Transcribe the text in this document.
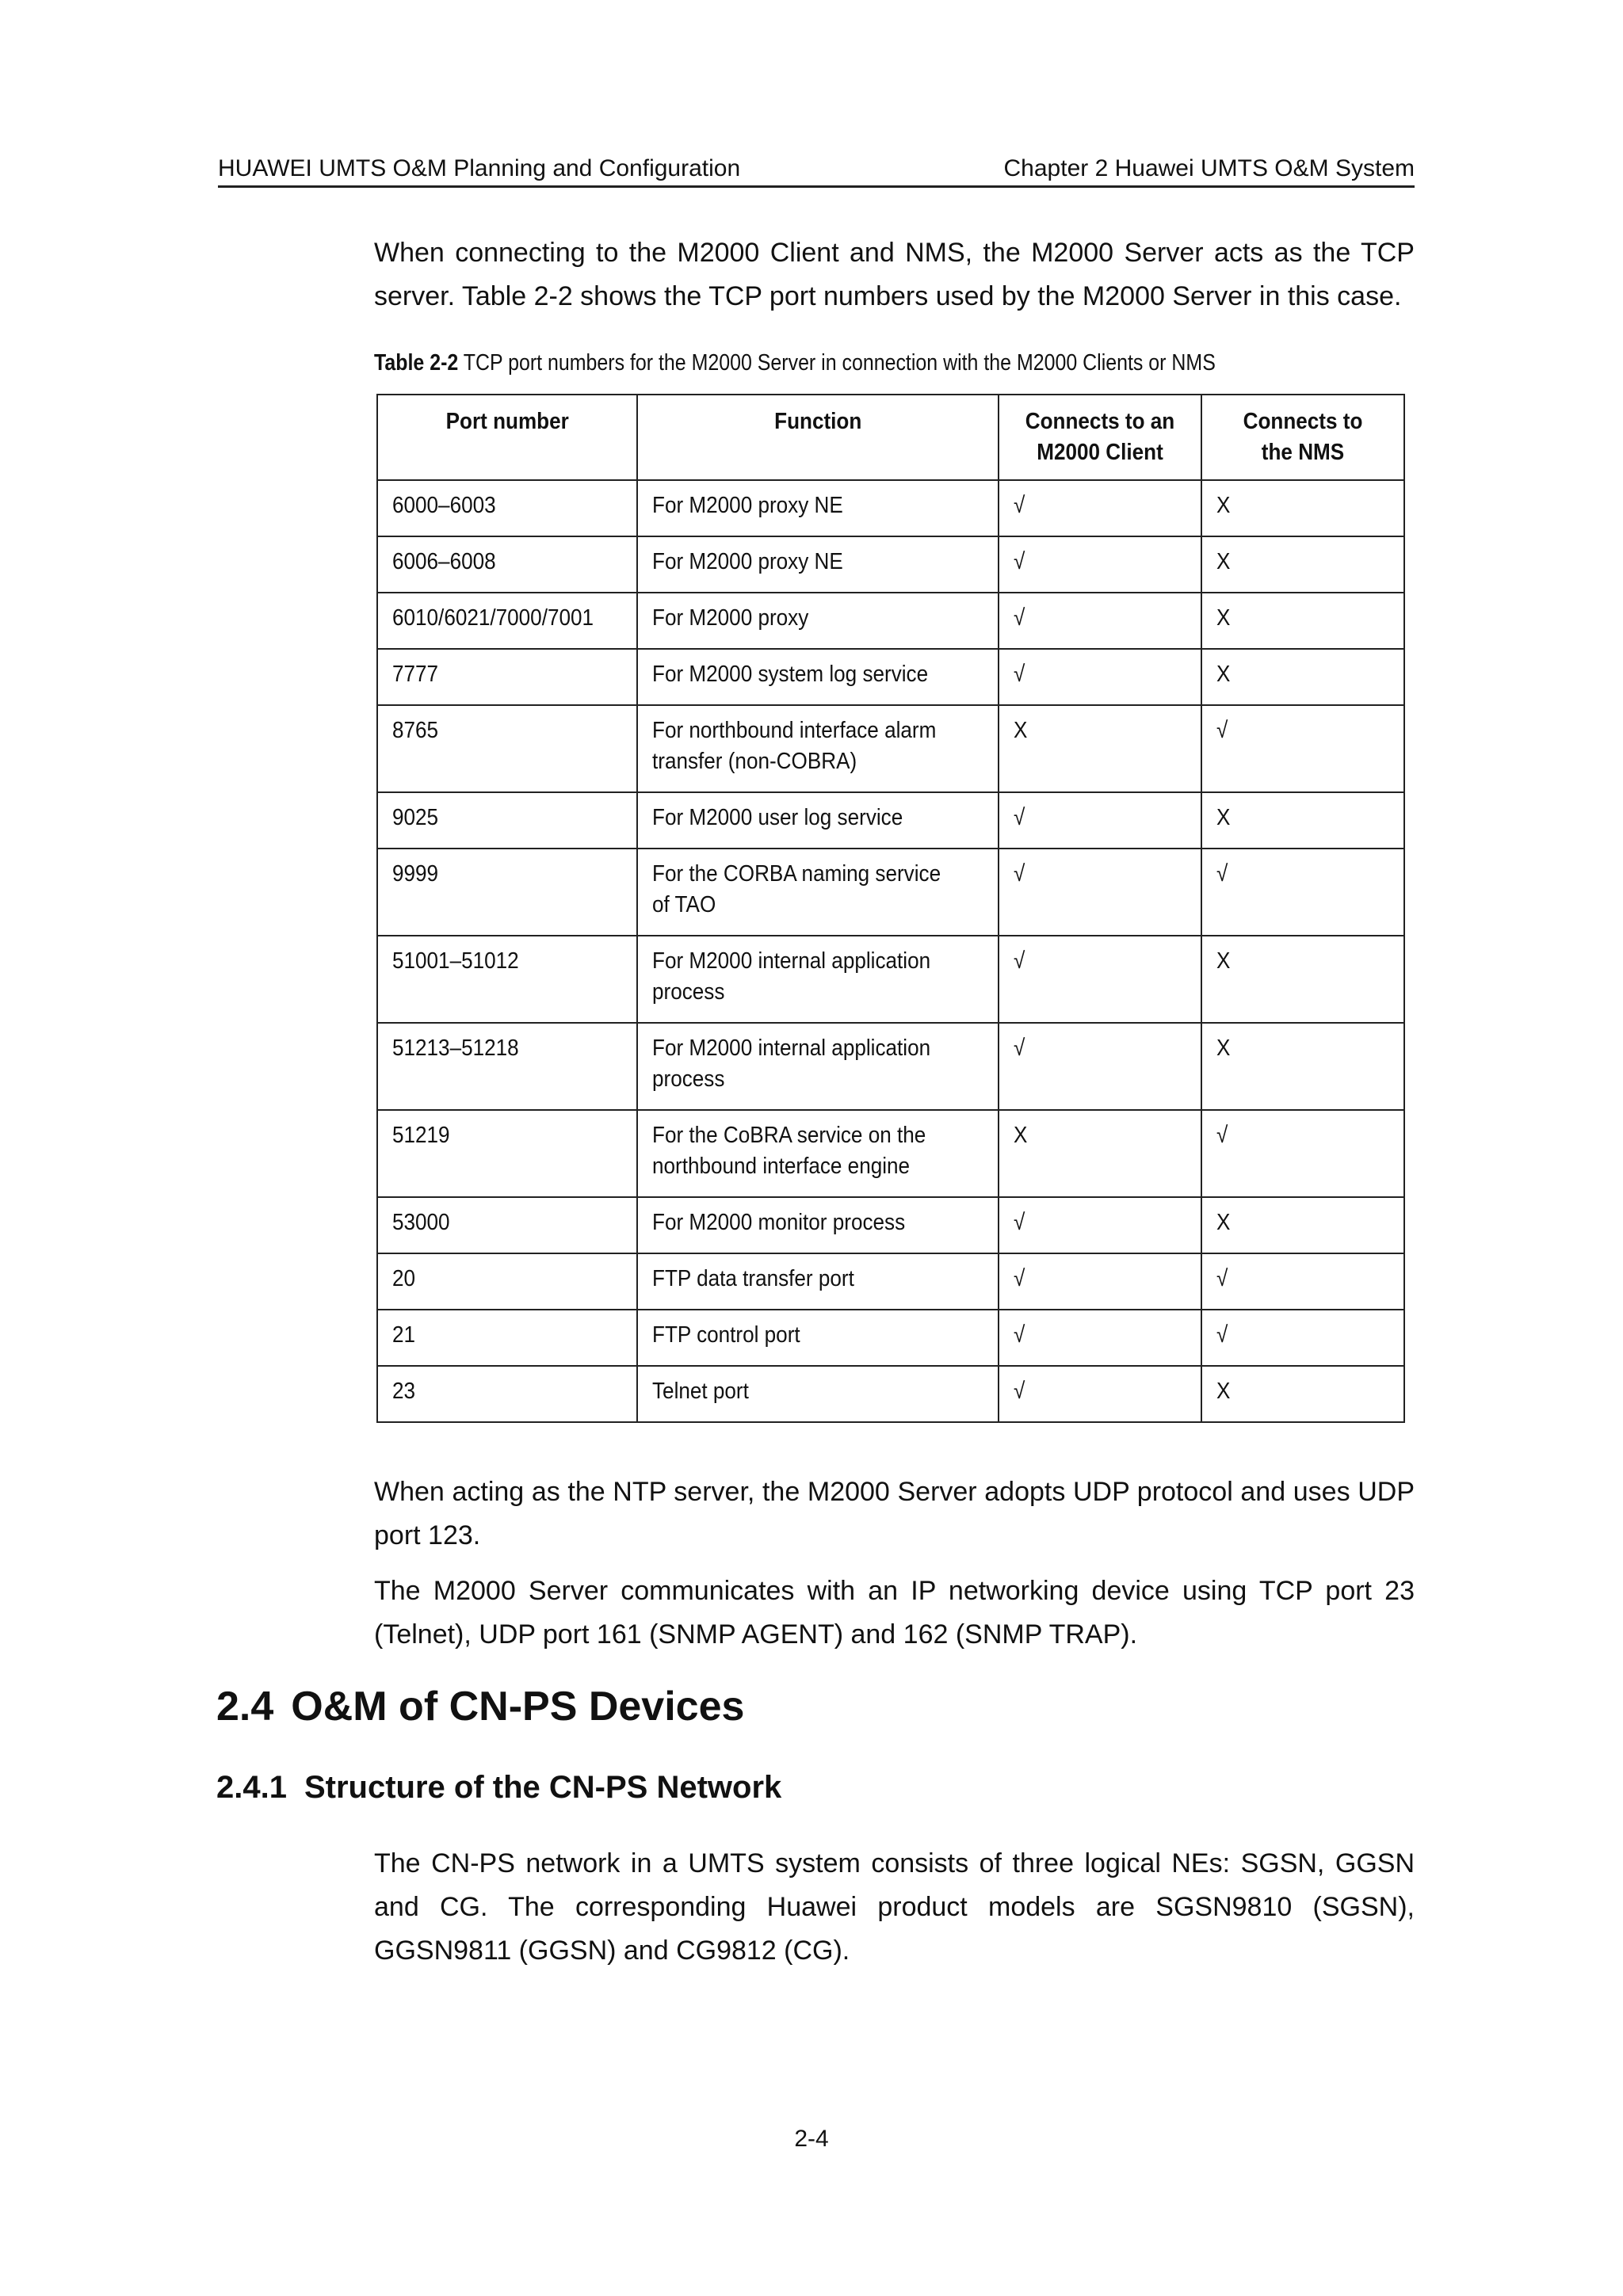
HUAWEI UMTS O&M Planning and Configuration	Chapter 2 Huawei UMTS O&M System

When connecting to the M2000 Client and NMS, the M2000 Server acts as the TCP server. Table 2-2 shows the TCP port numbers used by the M2000 Server in this case.

Table 2-2 TCP port numbers for the M2000 Server in connection with the M2000 Clients or NMS
Port number	Function	Connects to an M2000 Client	Connects to the NMS
6000–6003	For M2000 proxy NE	√	X
6006–6008	For M2000 proxy NE	√	X
6010/6021/7000/7001	For M2000 proxy	√	X
7777	For M2000 system log service	√	X
8765	For northbound interface alarm transfer (non-COBRA)	X	√
9025	For M2000 user log service	√	X
9999	For the CORBA naming service of TAO	√	√
51001–51012	For M2000 internal application process	√	X
51213–51218	For M2000 internal application process	√	X
51219	For the CoBRA service on the northbound interface engine	X	√
53000	For M2000 monitor process	√	X
20	FTP data transfer port	√	√
21	FTP control port	√	√
23	Telnet port	√	X

When acting as the NTP server, the M2000 Server adopts UDP protocol and uses UDP port 123.

The M2000 Server communicates with an IP networking device using TCP port 23 (Telnet), UDP port 161 (SNMP AGENT) and 162 (SNMP TRAP).

2.4 O&M of CN-PS Devices
2.4.1 Structure of the CN-PS Network

The CN-PS network in a UMTS system consists of three logical NEs: SGSN, GGSN and CG. The corresponding Huawei product models are SGSN9810 (SGSN), GGSN9811 (GGSN) and CG9812 (CG).

2-4
